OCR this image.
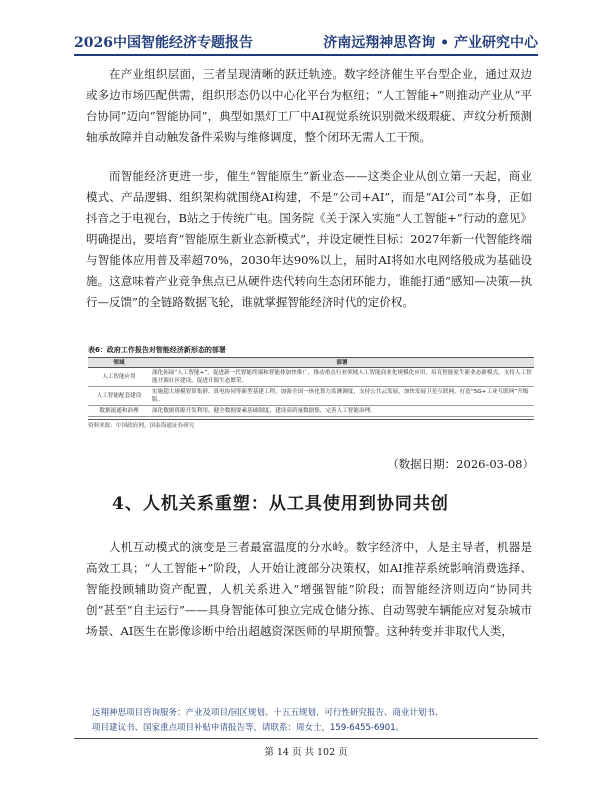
2026中国智能经济专题报告	济南远翔神思咨询 • 产业研究中心

在产业组织层面，三者呈现清晰的跃迁轨迹。数字经济催生平台型企业，通过双边或多边市场匹配供需，组织形态仍以中心化平台为枢纽；“人工智能+”则推动产业从“平台协同”迈向“智能协同”，典型如黑灯工厂中AI视觉系统识别微米级瑕疵、声纹分析预测轴承故障并自动触发备件采购与维修调度，整个闭环无需人工干预。

而智能经济更进一步，催生“智能原生”新业态——这类企业从创立第一天起，商业模式、产品逻辑、组织架构就围绕AI构建，不是“公司+AI”，而是“AI公司”本身，正如抖音之于电视台，B站之于传统广电。国务院《关于深入实施“人工智能+”行动的意见》明确提出，要培育“智能原生新业态新模式”，并设定硬性目标：2027年新一代智能终端与智能体应用普及率超70%，2030年达90%以上，届时AI将如水电网络般成为基础设施。这意味着产业竞争焦点已从硬件迭代转向生态闭环能力，谁能打通“感知—决策—执行—反馈”的全链路数据飞轮，谁就掌握智能经济时代的定价权。

表6：政府工作报告对智能经济新形态的部署
领域	部署
人工智能应用	深化拓展“人工智能+”，促进新一代智能终端和智能体加快推广，推动重点行业领域人工智能商业化规模化应用，培育智能原生新业态新模式，支持人工智能开源社区建设，促进开源生态繁荣。
人工智能配套建设	实施超大规模智算集群、算电协同等新型基建工程，加强全国一体化算力监测调度，支持公共云发展，加快发展卫星互联网，打造“5G+工业互联网”升级版。
数据流通和治理	深化数据资源开发利用，健全数据要素基础制度，建设高质量数据集，完善人工智能治理。
资料来源：中国政府网，国泰海通证券研究
（数据日期：2026-03-08）
4、人机关系重塑：从工具使用到协同共创

人机互动模式的演变是三者最富温度的分水岭。数字经济中，人是主导者，机器是高效工具；“人工智能+”阶段，人开始让渡部分决策权，如AI推荐系统影响消费选择、智能投顾辅助资产配置，人机关系进入“增强智能”阶段；而智能经济则迈向“协同共创”甚至“自主运行”——具身智能体可独立完成仓储分拣、自动驾驶车辆能应对复杂城市场景、AI医生在影像诊断中给出超越资深医师的早期预警。这种转变并非取代人类，

远翔神思项目咨询服务：产业及项目/园区规划、十五五规划、可行性研究报告、商业计划书、
项目建议书、国家重点项目补贴申请报告等，请联系：周女士，159-6455-6901。
第 14 页 共 102 页
